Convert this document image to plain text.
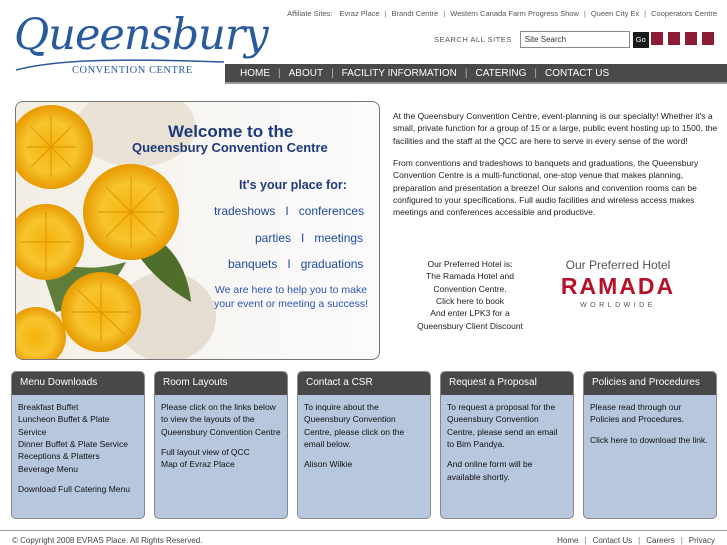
Affiliate Sites: Evraz Place | Brandt Centre | Western Canada Farm Progress Show | Queen City Ex | Cooperators Centre
Queensbury
CONVENTION CENTRE
SEARCH ALL SITES
Site Search	Go
HOME | ABOUT | FACILITY INFORMATION | CATERING | CONTACT US
Welcome to the
Queensbury Convention Centre
It's your place for:
tradeshows   I   conferences
parties   I   meetings
banquets   I   graduations
We are here to help you to make your event or meeting a success!

At the Queensbury Convention Centre, event-planning is our specialty! Whether it's a small, private function for a group of 15 or a large, public event hosting up to 1500, the facilities and the staff at the QCC are here to serve in every sense of the word!

From conventions and tradeshows to banquets and graduations, the Queensbury Convention Centre is a multi-functional, one-stop venue that makes planning, preparation and presentation a breeze! Our salons and convention rooms can be configured to your specifications. Full audio facilities and wireless access makes meetings and conferences accessible and productive.

Our Preferred Hotel is:
The Ramada Hotel and
Convention Centre.
Click here to book
And enter LPK3 for a
Queensbury Client Discount
Our Preferred Hotel
RAMADA
WORLDWIDE
Menu Downloads
Breakfast Buffet
Luncheon Buffet & Plate Service
Dinner Buffet & Plate Service
Receptions & Platters
Beverage Menu
Download Full Catering Menu
Room Layouts

Please click on the links below to view the layouts of the Queensbury Convention Centre

Full layout view of QCC
Map of Evraz Place
Contact a CSR

To inquire about the Queensbury Convention Centre, please click on the email below.

Alison Wilkie
Request a Proposal

To request a proposal for the Queensbury Convention Centre, please send an email to Bim Pandya.

And online form will be available shortly.

Policies and Procedures

Please read through our Policies and Procedures.

Click here to download the link.
© Copyright 2008 EVRAS Place. All Rights Reserved.	Home | Contact Us | Careers | Privacy
